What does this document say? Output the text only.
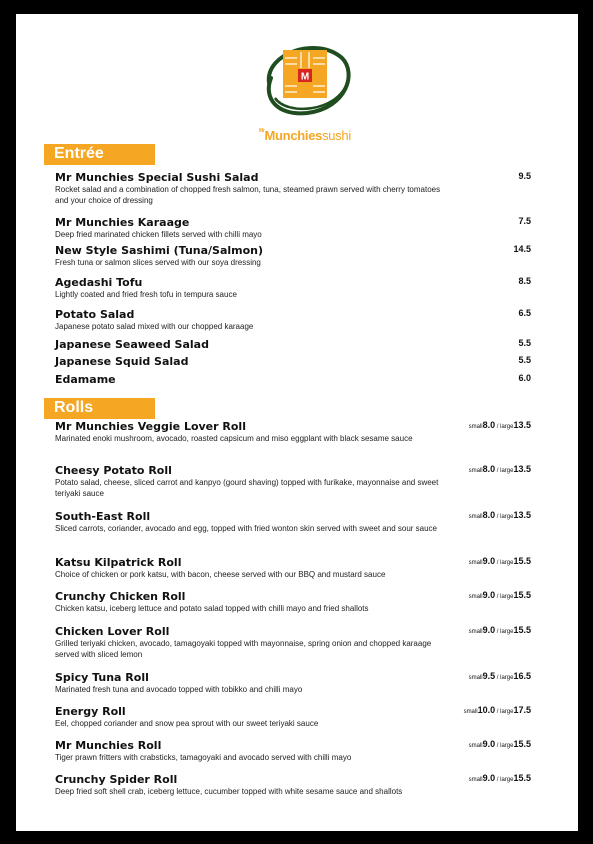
M
$^{Mr}$Munchiessushi
Entrée
Rolls
Mr Munchies Special Sushi Salad
Rocket salad and a combination of chopped fresh salmon, tuna, steamed prawn served with cherry tomatoes and your choice of dressing
9.5
Mr Munchies Karaage
Deep fried marinated chicken fillets served with chilli mayo
7.5
New Style Sashimi (Tuna/Salmon)
Fresh tuna or salmon slices served with our soya dressing
14.5
Agedashi Tofu
Lightly coated and fried fresh tofu in tempura sauce
8.5
Potato Salad
Japanese potato salad mixed with our chopped karaage
6.5
Japanese Seaweed Salad	5.5
Japanese Squid Salad	5.5
Edamame	6.0
Mr Munchies Veggie Lover Roll
Marinated enoki mushroom, avocado, roasted capsicum and miso eggplant with black sesame sauce
small8.0 / large13.5
Cheesy Potato Roll
Potato salad, cheese, sliced carrot and kanpyo (gourd shaving) topped with furikake, mayonnaise and sweet teriyaki sauce
small8.0 / large13.5
South-East Roll
Sliced carrots, coriander, avocado and egg, topped with fried wonton skin served with sweet and sour sauce
small8.0 / large13.5
Katsu Kilpatrick Roll
Choice of chicken or pork katsu, with bacon, cheese served with our BBQ and mustard sauce
small9.0 / large15.5
Crunchy Chicken Roll
Chicken katsu, iceberg lettuce and potato salad topped with chilli mayo and fried shallots
small9.0 / large15.5
Chicken Lover Roll
Grilled teriyaki chicken, avocado, tamagoyaki topped with mayonnaise, spring onion and chopped karaage served with sliced lemon
small9.0 / large15.5
Spicy Tuna Roll
Marinated fresh tuna and avocado topped with tobikko and chilli mayo
small9.5 / large16.5
Energy Roll
Eel, chopped coriander and snow pea sprout with our sweet teriyaki sauce
small10.0 / large17.5
Mr Munchies Roll
Tiger prawn fritters with crabsticks, tamagoyaki and avocado served with chilli mayo
small9.0 / large15.5
Crunchy Spider Roll
Deep fried soft shell crab, iceberg lettuce, cucumber topped with white sesame sauce and shallots
small9.0 / large15.5
